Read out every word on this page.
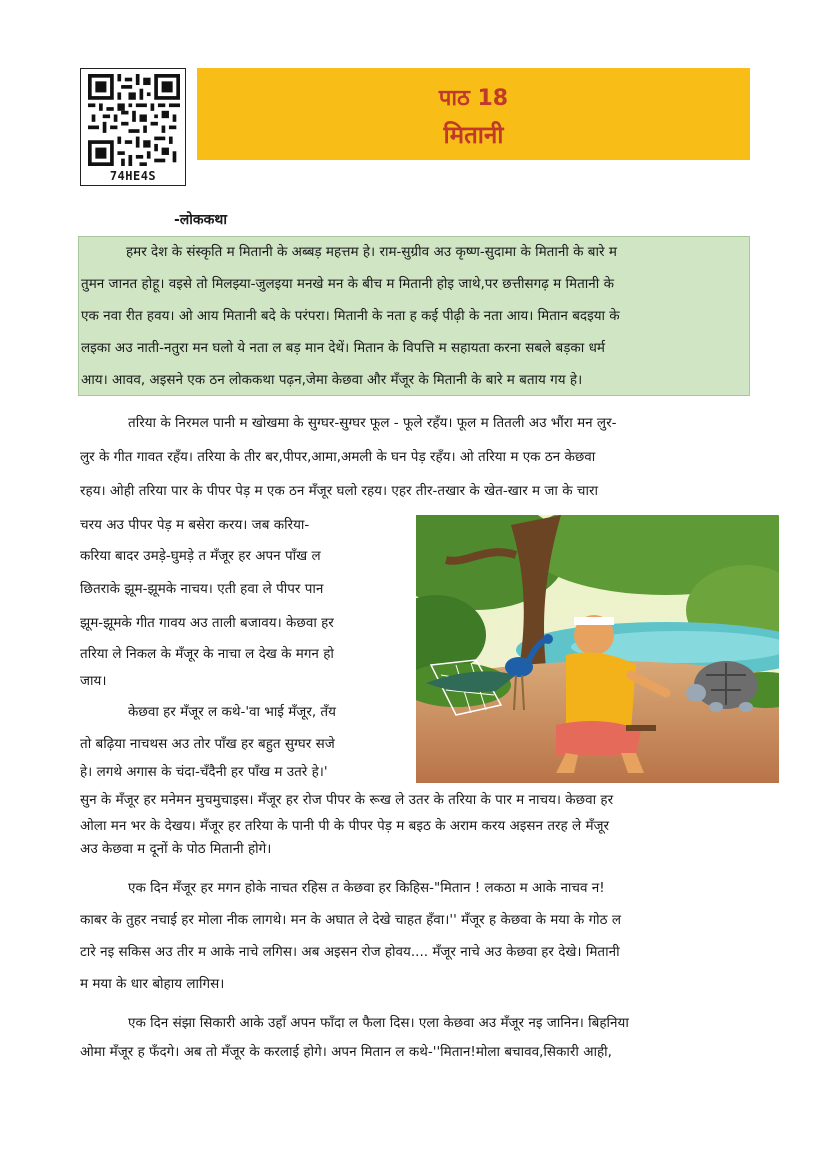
74HE4S
पाठ 18
मितानी
-लोककथा
हमर देश के संस्कृति म मितानी के अब्बड़ महत्तम हे। राम-सुग्रीव अउ कृष्ण-सुदामा के मितानी के बारे म
तुमन जानत होहू। वइसे तो मिलझ्या-जुलइया मनखे मन के बीच म मितानी होइ जाथे,पर छत्तीसगढ़ म मितानी के
एक नवा रीत हवय। ओ आय मितानी बदे के परंपरा। मितानी के नता ह कई पीढ़ी के नता आय। मितान बदइया के
लइका अउ नाती-नतुरा मन घलो ये नता ल बड़ मान देथें। मितान के विपत्ति म सहायता करना सबले बड़का धर्म
आय। आवव, अइसने एक ठन लोककथा पढ़न,जेमा केछवा और मँजूर के मितानी के बारे म बताय गय हे।
तरिया के निरमल पानी म खोखमा के सुग्घर-सुग्घर फूल - फूले रहँय। फूल म तितली अउ भौंरा मन लुर-
लुर के गीत गावत रहँय। तरिया के तीर बर,पीपर,आमा,अमली के घन पेड़ रहँय। ओ तरिया म एक ठन केछवा
रहय। ओही तरिया पार के पीपर पेड़ म एक ठन मँजूर घलो रहय। एहर तीर-तखार के खेत-खार म जा के चारा
चरय अउ पीपर पेड़ म बसेरा करय। जब करिया-
करिया बादर उमड़े-घुमड़े त मँजूर हर अपन पाँख ल
छितराके झूम-झूमके नाचय। एती हवा ले पीपर पान
झूम-झूमके गीत गावय अउ ताली बजावय। केछवा हर
तरिया ले निकल के मँजूर के नाचा ल देख के मगन हो
जाय।
केछवा हर मँजूर ल कथे-'वा भाई मँजूर, तँय
तो बढ़िया नाचथस अउ तोर पाँख हर बहुत सुग्घर सजे
हे। लगथे अगास के चंदा-चँदैनी हर पाँख म उतरे हे।'
सुन के मँजूर हर मनेमन मुचमुचाइस। मँजूर हर रोज पीपर के रूख ले उतर के तरिया के पार म नाचय। केछवा हर
ओला मन भर के देखय। मँजूर हर तरिया के पानी पी के पीपर पेड़ म बइठ के अराम करय अइसन तरह ले मँजूर
अउ केछवा म दूनों के पोठ मितानी होगे।
एक दिन मँजूर हर मगन होके नाचत रहिस त केछवा हर किहिस-"मितान ! लकठा म आके नाचव न!
काबर के तुहर नचाई हर मोला नीक लागथे। मन के अघात ले देखे चाहत हँवा।'' मँजूर ह केछवा के मया के गोठ ल
टारे नइ सकिस अउ तीर म आके नाचे लगिस। अब अइसन रोज होवय.... मँजूर नाचे अउ केछवा हर देखे। मितानी
म मया के धार बोहाय लागिस।
एक दिन संझा सिकारी आके उहाँ अपन फाँदा ल फैला दिस। एला केछवा अउ मँजूर नइ जानिन। बिहनिया
ओमा मँजूर ह फँदगे। अब तो मँजूर के करलाई होगे। अपन मितान ल कथे-''मितान!मोला बचावव,सिकारी आही,
